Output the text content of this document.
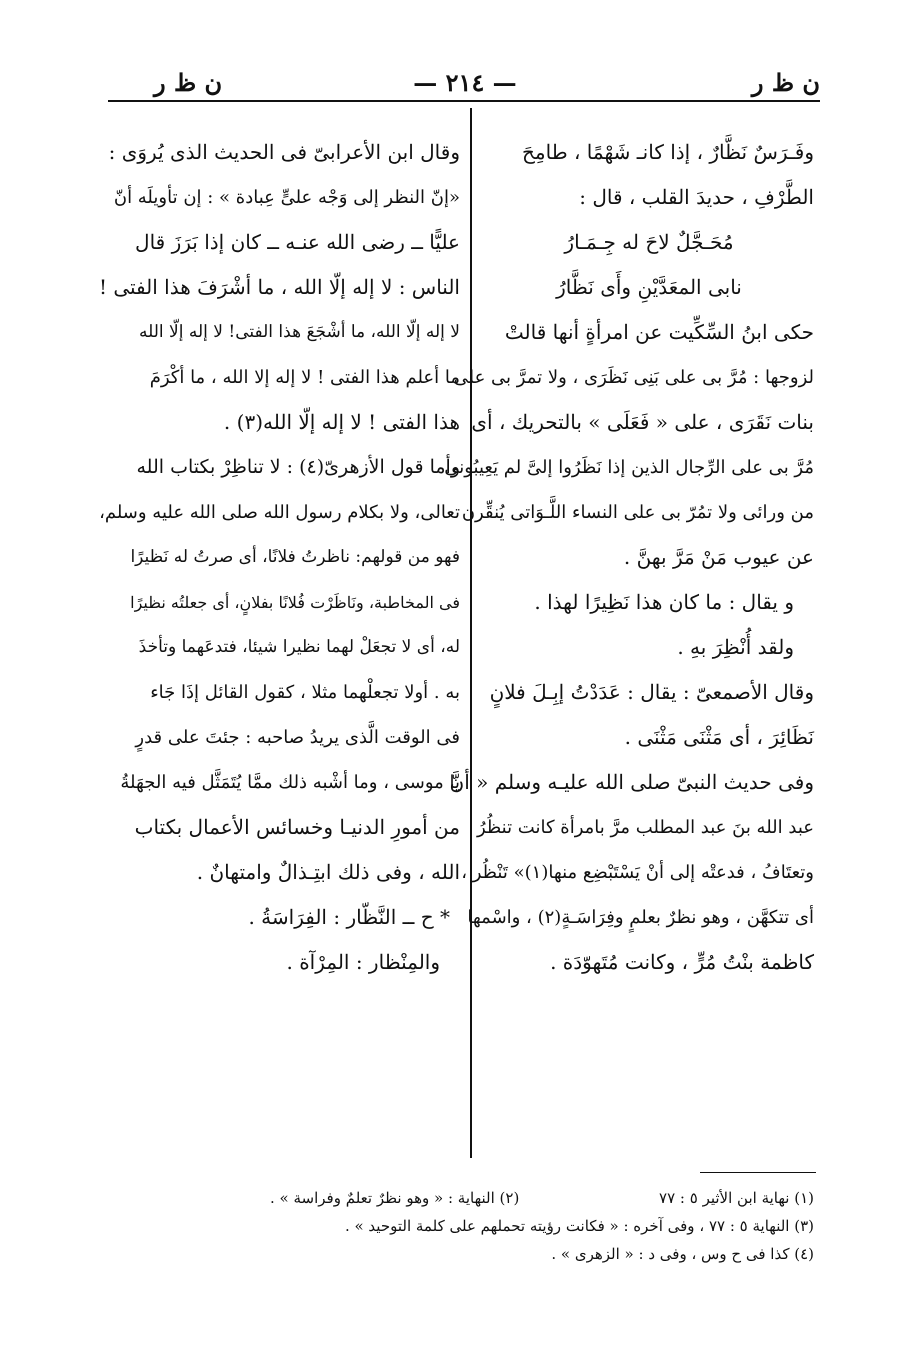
ن ظ ر
— ٢١٤ —
ن ظ ر
وفَـرَسٌ نَظَّارٌ ، إذا كانـ شَهْمًا ، طامِحَ
الطَّرْفِ ، حديدَ القلب ، قال :
مُحَـجَّلٌ لاحَ له جِـمَـارُ
نابى المعَدَّيْنِ وأَى نَظَّارُ
حكى ابنُ السِّكِّيت عن امرأةٍ أنها قالتْ
لزوجها : مُرَّ بى على بَنِى نَظَرَى ، ولا تمرَّ بى على
بنات نَقَرَى ، على « فَعَلَى » بالتحريك ، أى
مُرَّ بى على الرِّجال الذين إذا نَظَرُوا إلىَّ لم يَعِيبُونى
من ورائى ولا تمُرّ بى على النساء اللَّـوَاتى يُنقِّرن
عن عيوب مَنْ مَرَّ بهنَّ .
و يقال : ما كان هذا نَظِيرًا لهذا .
ولقد أُنْظِرَ بهِ .
وقال الأصمعىّ : يقال : عَدَدْتُ إبِـلَ فلانٍ
نَظَائِرَ ، أى مَثْنَى مَثْنَى .
وفى حديث النبىّ صلى الله عليـه وسلم « أنَّ
عبد الله بنَ عبد المطلب مرَّ بامرأة كانت تنظُرُ
وتعتَافُ ، فدعتْه إلى أنْ يَسْتَبْضِع منها(١)» تَنْظُر ،
أى تتكهَّن ، وهو نظرٌ بعلمٍ وفِرَاسَـةٍ(٢) ، واسْمها
كاظمة بنْتُ مُرٍّ ، وكانت مُتَهوّدَة .
وقال ابن الأعرابىّ فى الحديث الذى يُروَى :
«إنّ النظر إلى وَجْه علىٍّ عِبادة » : إن تأويلَه أنّ
عليًّا ــ رضى الله عنـه ــ كان إذا بَرَزَ قال
الناس : لا إله إلّا الله ، ما أشْرَفَ هذا الفتى !
لا إله إلّا الله، ما أشْجَعَ هذا الفتى! لا إله إلّا الله
ما أعلم هذا الفتى ! لا إله إلا الله ، ما أكْرَمَ
هذا الفتى ! لا إله إلّا الله(٣) .
وأما قول الأزهرىّ(٤) : لا تناظِرْ بكتاب الله
تعالى، ولا بكلام رسول الله صلى الله عليه وسلم،
فهو من قولهم: ناظرتُ فلانًا، أى صرتُ له نَظيرًا
فى المخاطبة، ونَاظَرْت فُلانًا بفلانٍ، أى جعلتُه نظيرًا
له، أى لا تجعَلْ لهما نظيرا شيئا، فتدعَهما وتأخذَ
به . أولا تجعلْهما مثلا ، كقول القائل إذَا جَاء
فى الوقت الَّذى يريدُ صاحبه : جئتَ على قدرٍ
يا موسى ، وما أشْبه ذلك ممَّا يُتَمَثَّل فيه الجهَلةُ
من أمورِ الدنيـا وخسائس الأعمال بكتاب
الله ، وفى ذلك ابتِـذالٌ وامتهانٌ .
* ح ــ النَّظّار : الفِرَاسَةُ .
والمِنْظار : المِرْآة .
(١) نهاية ابن الأثير ٥ : ٧٧
(٢) النهاية : « وهو نظرٌ تعلمٌ وفراسة » .
(٣) النهاية ٥ : ٧٧ ، وفى آخره : « فكانت رؤيته تحملهم على كلمة التوحيد » .
(٤) كذا فى ح وس ، وفى د : « الزهرى » .
